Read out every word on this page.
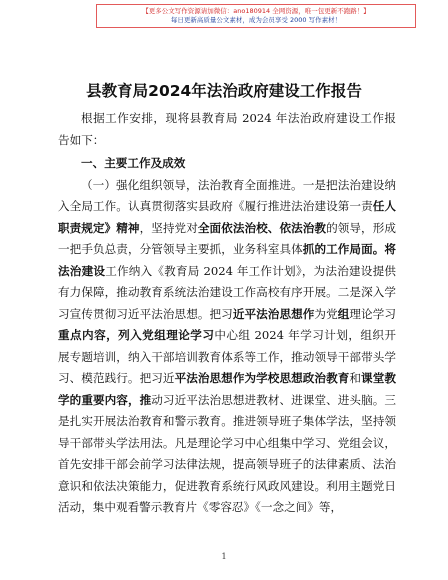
【更多公文写作资源请加微信：ano180914 全网资源，唯一包更新不跑路！】
每日更新高质量公文素材，成为会员享受 2000 写作素材！
县教育局2024年法治政府建设工作报告

根据工作安排，现将县教育局 2024 年法治政府建设工作报告如下：

一、主要工作及成效

（一）强化组织领导，法治教育全面推进。一是把法治建设纳入全局工作。认真贯彻落实县政府《履行推进法治建设第一责任人职责规定》精神，坚持党对全面依法治校、依法治教的领导，形成一把手负总责，分管领导主要抓，业务科室具体抓的工作局面。将法治建设工作纳入《教育局 2024 年工作计划》，为法治建设提供有力保障，推动教育系统法治建设工作高校有序开展。二是深入学习宣传贯彻习近平法治思想。把习近平法治思想作为党组理论学习重点内容，列入党组理论学习中心组 2024 年学习计划，组织开展专题培训，纳入干部培训教育体系等工作，推动领导干部带头学习、模范践行。把习近平法治思想作为学校思想政治教育和课堂教学的重要内容，推动习近平法治思想进教材、进课堂、进头脑。三是扎实开展法治教育和警示教育。推进领导班子集体学法，坚持领导干部带头学法用法。凡是理论学习中心组集中学习、党组会议，首先安排干部会前学习法律法规，提高领导班子的法律素质、法治意识和依法决策能力，促进教育系统行风政风建设。利用主题党日活动，集中观看警示教育片《零容忍》《一念之间》等，

1
